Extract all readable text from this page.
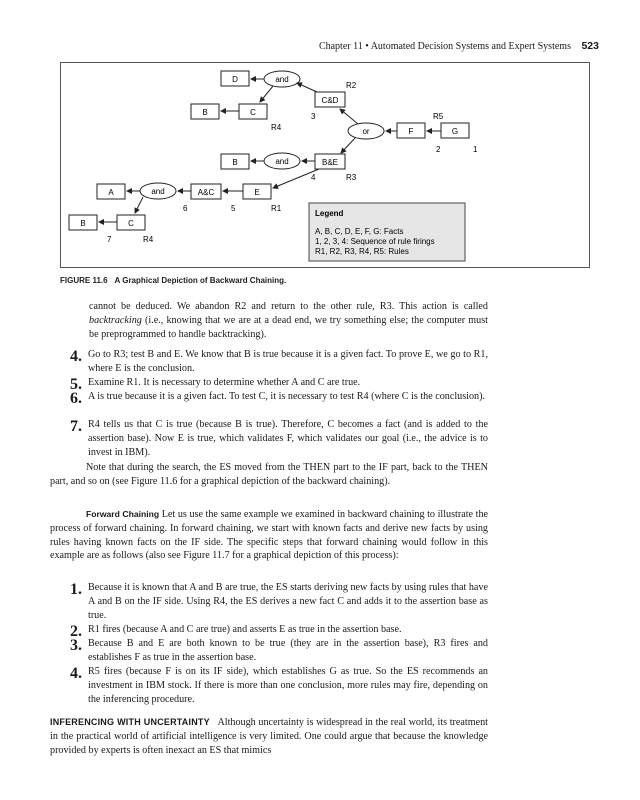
Chapter 11 • Automated Decision Systems and Expert Systems 523
D	and
R2
C&D
B	C
R4
3
or	F	G
R5
2	1
B	and	B&E
4	R3
A	and	A&C	E
6	5	R1
B	C
7	R4
Legend
A, B, C, D, E, F, G: Facts
1, 2, 3, 4: Sequence of rule firings
R1, R2, R3, R4, R5: Rules
FIGURE 11.6 A Graphical Depiction of Backward Chaining.
cannot be deduced. We abandon R2 and return to the other rule, R3. This action is called backtracking (i.e., knowing that we are at a dead end, we try something else; the computer must be preprogrammed to handle backtracking).
4. Go to R3; test B and E. We know that B is true because it is a given fact. To prove E, we go to R1, where E is the conclusion.
5. Examine R1. It is necessary to determine whether A and C are true.
6. A is true because it is a given fact. To test C, it is necessary to test R4 (where C is the conclusion).
7. R4 tells us that C is true (because B is true). Therefore, C becomes a fact (and is added to the assertion base). Now E is true, which validates F, which validates our goal (i.e., the advice is to invest in IBM).
Note that during the search, the ES moved from the THEN part to the IF part, back to the THEN part, and so on (see Figure 11.6 for a graphical depiction of the backward chaining).
Forward Chaining Let us use the same example we examined in backward chaining to illustrate the process of forward chaining. In forward chaining, we start with known facts and derive new facts by using rules having known facts on the IF side. The specific steps that forward chaining would follow in this example are as follows (also see Figure 11.7 for a graphical depiction of this process):
1. Because it is known that A and B are true, the ES starts deriving new facts by using rules that have A and B on the IF side. Using R4, the ES derives a new fact C and adds it to the assertion base as true.
2. R1 fires (because A and C are true) and asserts E as true in the assertion base.
3. Because B and E are both known to be true (they are in the assertion base), R3 fires and establishes F as true in the assertion base.
4. R5 fires (because F is on its IF side), which establishes G as true. So the ES recommends an investment in IBM stock. If there is more than one conclusion, more rules may fire, depending on the inferencing procedure.
INFERENCING WITH UNCERTAINTY Although uncertainty is widespread in the real world, its treatment in the practical world of artificial intelligence is very limited. One could argue that because the knowledge provided by experts is often inexact an ES that mimics
